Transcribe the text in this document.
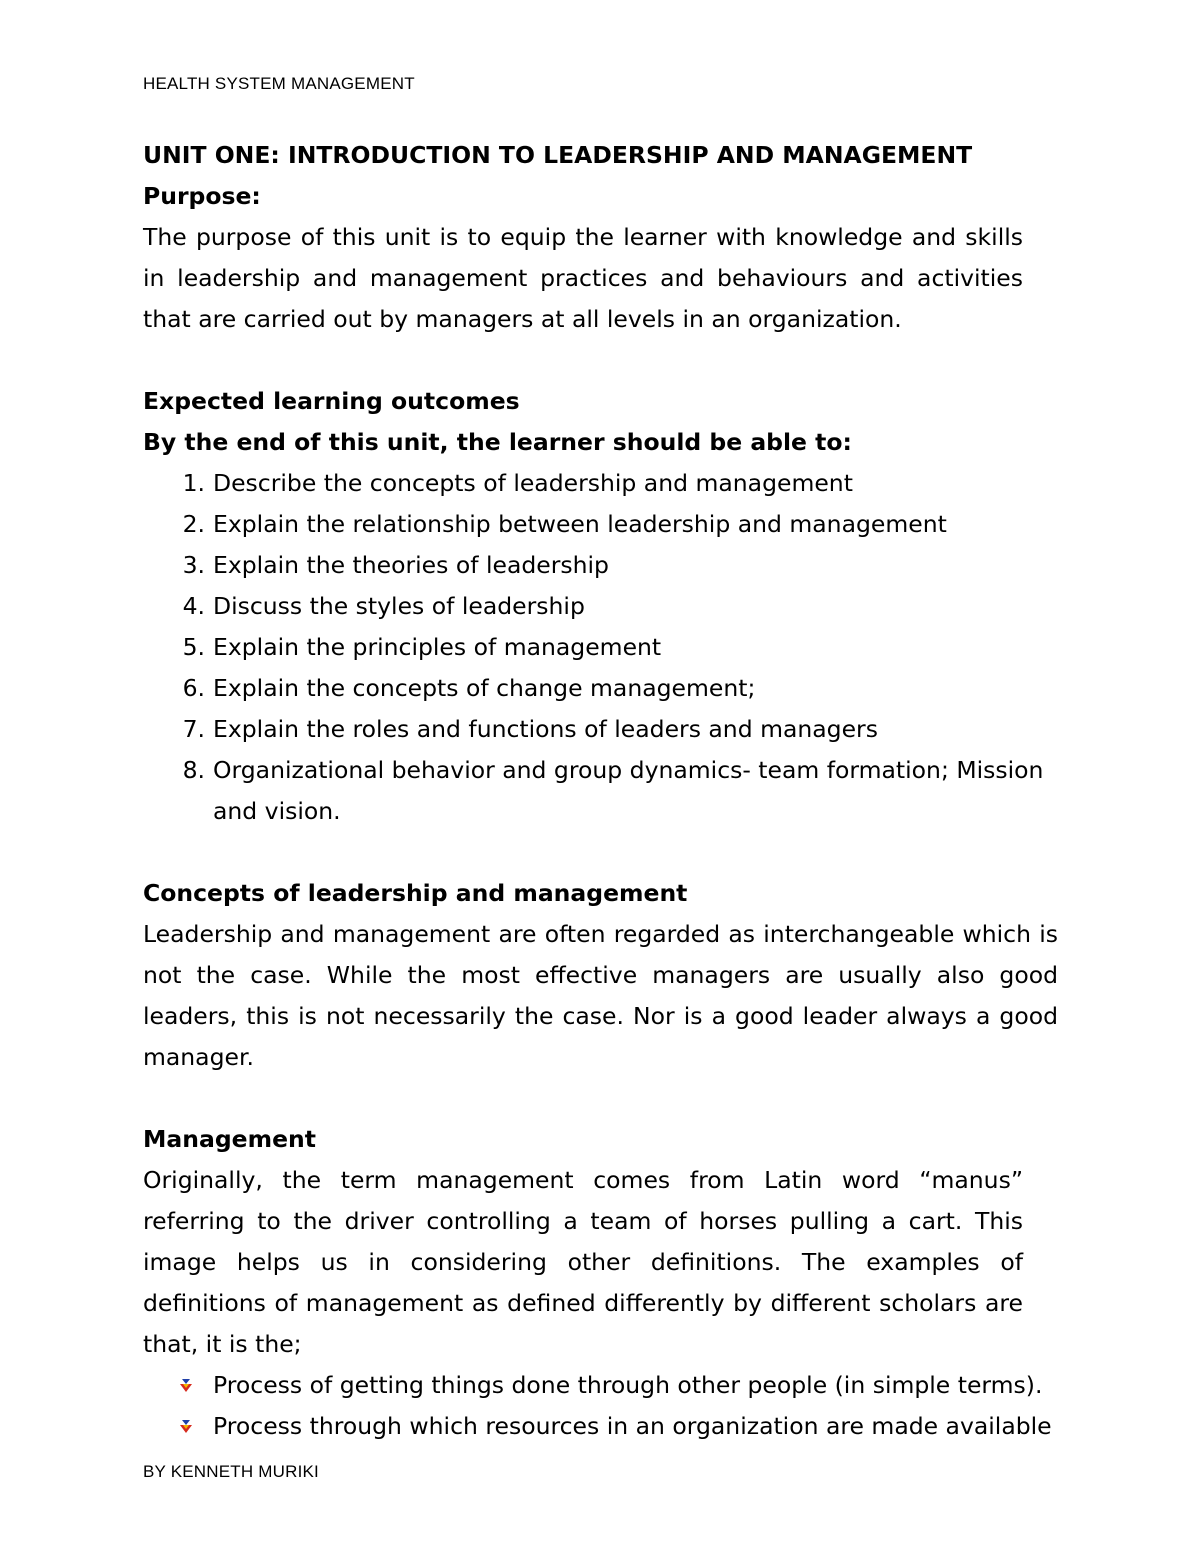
HEALTH SYSTEM MANAGEMENT

UNIT ONE: INTRODUCTION TO LEADERSHIP AND MANAGEMENT

Purpose:

The purpose of this unit is to equip the learner with knowledge and skills in leadership and management practices and behaviours and activities that are carried out by managers at all levels in an organization.

Expected learning outcomes

By the end of this unit, the learner should be able to:

1. Describe the concepts of leadership and management
2. Explain the relationship between leadership and management
3. Explain the theories of leadership
4. Discuss the styles of leadership
5. Explain the principles of management
6. Explain the concepts of change management;
7. Explain the roles and functions of leaders and managers
8. Organizational behavior and group dynamics- team formation; Mission and vision.

Concepts of leadership and management

Leadership and management are often regarded as interchangeable which is not the case. While the most effective managers are usually also good leaders, this is not necessarily the case. Nor is a good leader always a good manager.

Management

Originally, the term management comes from Latin word “manus” referring to the driver controlling a team of horses pulling a cart. This image helps us in considering other definitions. The examples of definitions of management as defined differently by different scholars are that, it is the;

Process of getting things done through other people (in simple terms).
Process through which resources in an organization are made available
BY KENNETH MURIKI
